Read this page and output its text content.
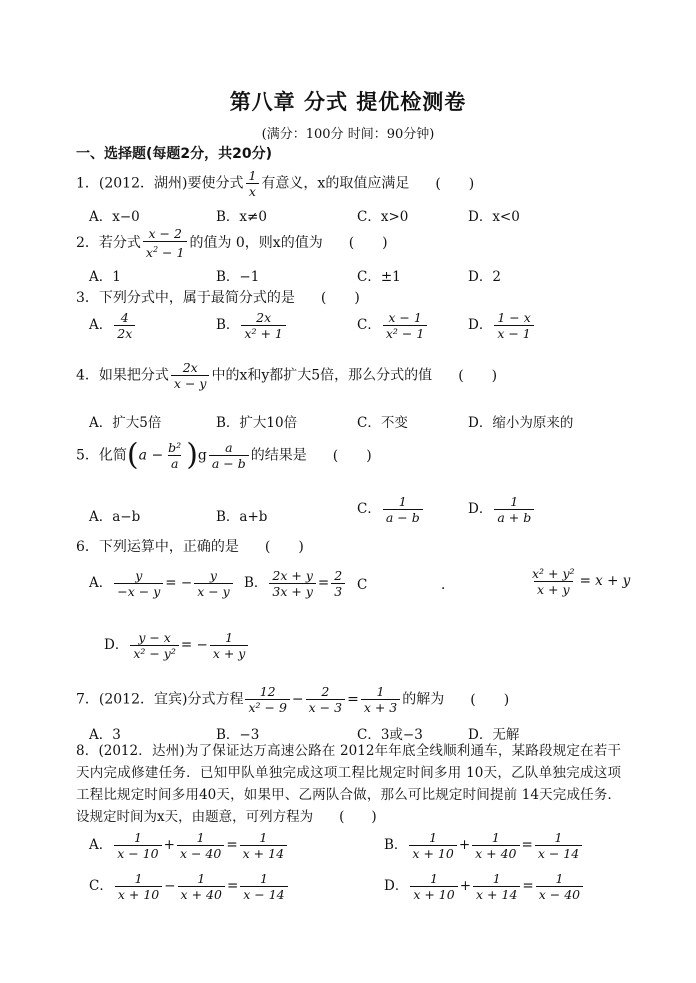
第八章 分式 提优检测卷
(满分：100分 时间：90分钟)
一、选择题(每题2分，共20分)
1．(2012．湖州)要使分式 $\frac{1}{x}$ 有意义，x的取值应满足 (　　)
A．x−0	B．x≠0	C．x>0	D．x<0
2．若分式 $\frac{x - 2}{x^2 - 1}$ 的值为 0，则x的值为 (　　)
A．1	B．−1	C．±1	D．2
3．下列分式中，属于最简分式的是 (　　)
A． $\frac{4}{2x}$	B． $\frac{2x}{\text{x² + 1}}$	C． $\frac{x - 1}{\text{x² − 1}}$	D． $\frac{1 - x}{x - 1}$
4．如果把分式 $\frac{2x}{x - y}$ 中的x和y都扩大5倍，那么分式的值 (　　)
A．扩大5倍	B．扩大10倍	C．不变	D．缩小为原来的
5．化简$(a - \frac{\text{b²}}{a} )g \frac{a}{a - b}$ 的结果是 (　　)
A．a−b	B．a+b	C． $\frac{1}{a - b}$	D． $\frac{1}{a + b}$
6．下列运算中，正确的是 (　　)
A． $\frac{y}{-x - y}$ = − $\frac{y}{x - y}$ B． $\frac{2x + y}{3x + y} = \frac{2}{3}$ C	.	$\frac{\text{x² + y²}}{x + y} = x + y$
D． $\frac{y - x}{\text{x² − y²}}$ = − $\frac{1}{x + y}$
7．(2012．宜宾)分式方程 $\frac{12}{\text{x² − 9}} - \frac{2}{x - 3} = \frac{1}{x + 3}$ 的解为 (　　)
A．3	B．−3	C．3或−3	D．无解
8．(2012．达州)为了保证达万高速公路在 2012年年底全线顺利通车，某路段规定在若干天内完成修建任务．已知甲队单独完成这项工程比规定时间多用 10天，乙队单独完成这项工程比规定时间多用40天，如果甲、乙两队合做，那么可比规定时间提前 14天完成任务．设规定时间为x天，由题意，可列方程为 (　　)
A． $\frac{1}{x - 10} + \frac{1}{x - 40} = \frac{1}{x + 14}$	B． $\frac{1}{x + 10} + \frac{1}{x + 40} = \frac{1}{x - 14}$
C． $\frac{1}{x + 10} - \frac{1}{x + 40} = \frac{1}{x - 14}$	D． $\frac{1}{x + 10} + \frac{1}{x + 14} = \frac{1}{x - 40}$
